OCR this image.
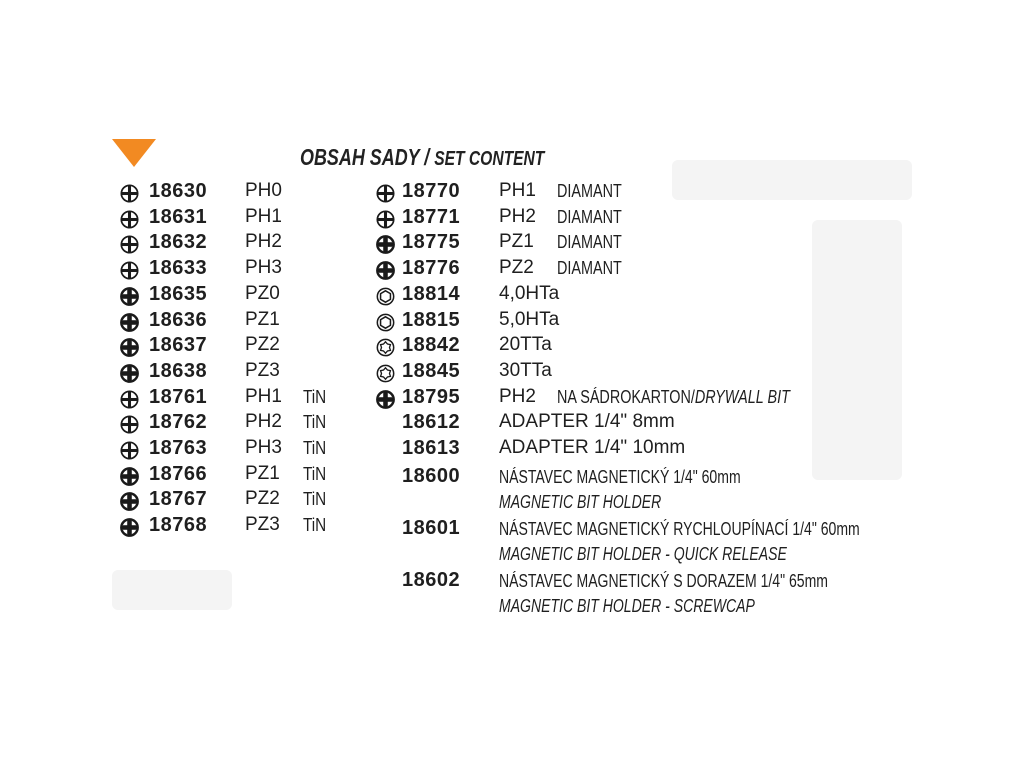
OBSAH SADY / SET CONTENT
18630 PH0
18631 PH1
18632 PH2
18633 PH3
18635 PZ0
18636 PZ1
18637 PZ2
18638 PZ3
18761 PH1 TiN
18762 PH2 TiN
18763 PH3 TiN
18766 PZ1 TiN
18767 PZ2 TiN
18768 PZ3 TiN
18770 PH1 DIAMANT
18771 PH2 DIAMANT
18775 PZ1 DIAMANT
18776 PZ2 DIAMANT
18814 4,0HTa
18815 5,0HTa
18842 20TTa
18845 30TTa
18795 PH2 NA SÁDROKARTON/DRYWALL BIT
18612 ADAPTER 1/4" 8mm
18613 ADAPTER 1/4" 10mm
18600 NÁSTAVEC MAGNETICKÝ 1/4" 60mm
MAGNETIC BIT HOLDER
18601 NÁSTAVEC MAGNETICKÝ RYCHLOUPÍNACÍ 1/4" 60mm
MAGNETIC BIT HOLDER - QUICK RELEASE
18602 NÁSTAVEC MAGNETICKÝ S DORAZEM 1/4" 65mm
MAGNETIC BIT HOLDER - SCREWCAP
